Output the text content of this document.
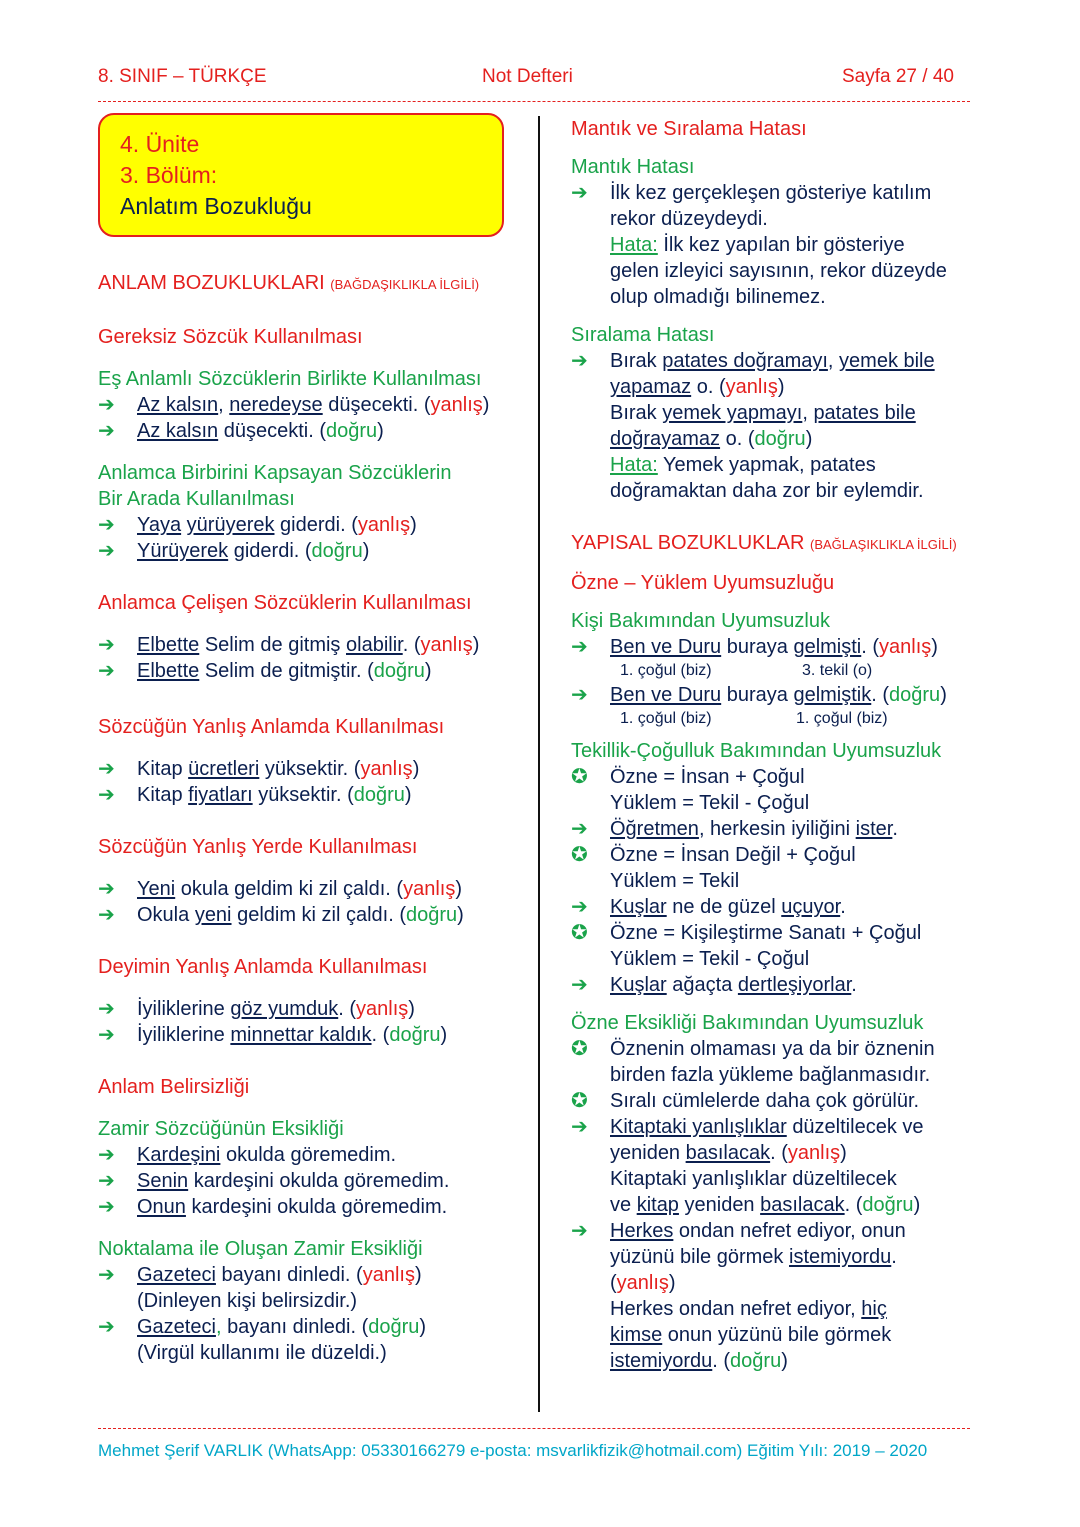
8. SINIF – TÜRKÇE	Not Defteri	Sayfa 27 / 40
4. Ünite
3. Bölüm:
Anlatım Bozukluğu
ANLAM BOZUKLUKLARI (BAĞDAŞIKLIKLA İLGİLİ)
Gereksiz Sözcük Kullanılması
Eş Anlamlı Sözcüklerin Birlikte Kullanılması
➔	Az kalsın, neredeyse düşecekti. (yanlış)
➔	Az kalsın düşecekti. (doğru)
Anlamca Birbirini Kapsayan Sözcüklerin
Bir Arada Kullanılması
➔	Yaya yürüyerek giderdi. (yanlış)
➔	Yürüyerek giderdi. (doğru)
Anlamca Çelişen Sözcüklerin Kullanılması
➔	Elbette Selim de gitmiş olabilir. (yanlış)
➔	Elbette Selim de gitmiştir. (doğru)
Sözcüğün Yanlış Anlamda Kullanılması
➔	Kitap ücretleri yüksektir. (yanlış)
➔	Kitap fiyatları yüksektir. (doğru)
Sözcüğün Yanlış Yerde Kullanılması
➔	Yeni okula geldim ki zil çaldı. (yanlış)
➔	Okula yeni geldim ki zil çaldı. (doğru)
Deyimin Yanlış Anlamda Kullanılması
➔	İyiliklerine göz yumduk. (yanlış)
➔	İyiliklerine minnettar kaldık. (doğru)
Anlam Belirsizliği
Zamir Sözcüğünün Eksikliği
➔	Kardeşini okulda göremedim.
➔	Senin kardeşini okulda göremedim.
➔	Onun kardeşini okulda göremedim.
Noktalama ile Oluşan Zamir Eksikliği
➔	Gazeteci bayanı dinledi. (yanlış)
(Dinleyen kişi belirsizdir.)
➔	Gazeteci, bayanı dinledi. (doğru)
(Virgül kullanımı ile düzeldi.)
Mantık ve Sıralama Hatası
Mantık Hatası
➔	İlk kez gerçekleşen gösteriye katılım
rekor düzeydeydi.
Hata: İlk kez yapılan bir gösteriye
gelen izleyici sayısının, rekor düzeyde
olup olmadığı bilinemez.
Sıralama Hatası
➔	Bırak patates doğramayı, yemek bile
yapamaz o. (yanlış)
Bırak yemek yapmayı, patates bile
doğrayamaz o. (doğru)
Hata: Yemek yapmak, patates
doğramaktan daha zor bir eylemdir.
YAPISAL BOZUKLUKLAR (BAĞLAŞIKLIKLA İLGİLİ)
Özne – Yüklem Uyumsuzluğu
Kişi Bakımından Uyumsuzluk
➔	Ben ve Duru buraya gelmişti. (yanlış)
1. çoğul (biz)	3. tekil (o)
➔	Ben ve Duru buraya gelmiştik. (doğru)
1. çoğul (biz)	1. çoğul (biz)
Tekillik-Çoğulluk Bakımından Uyumsuzluk
✪	Özne = İnsan + Çoğul
Yüklem = Tekil - Çoğul
➔	Öğretmen, herkesin iyiliğini ister.
✪	Özne = İnsan Değil + Çoğul
Yüklem = Tekil
➔	Kuşlar ne de güzel uçuyor.
✪	Özne = Kişileştirme Sanatı + Çoğul
Yüklem = Tekil - Çoğul
➔	Kuşlar ağaçta dertleşiyorlar.
Özne Eksikliği Bakımından Uyumsuzluk
✪	Öznenin olmaması ya da bir öznenin
birden fazla yükleme bağlanmasıdır.
✪	Sıralı cümlelerde daha çok görülür.
➔	Kitaptaki yanlışlıklar düzeltilecek ve
yeniden basılacak. (yanlış)
Kitaptaki yanlışlıklar düzeltilecek
ve kitap yeniden basılacak. (doğru)
➔	Herkes ondan nefret ediyor, onun
yüzünü bile görmek istemiyordu.
(yanlış)
Herkes ondan nefret ediyor, hiç
kimse onun yüzünü bile görmek
istemiyordu. (doğru)
Mehmet Şerif VARLIK (WhatsApp: 05330166279 e-posta: msvarlikfizik@hotmail.com) Eğitim Yılı: 2019 – 2020
